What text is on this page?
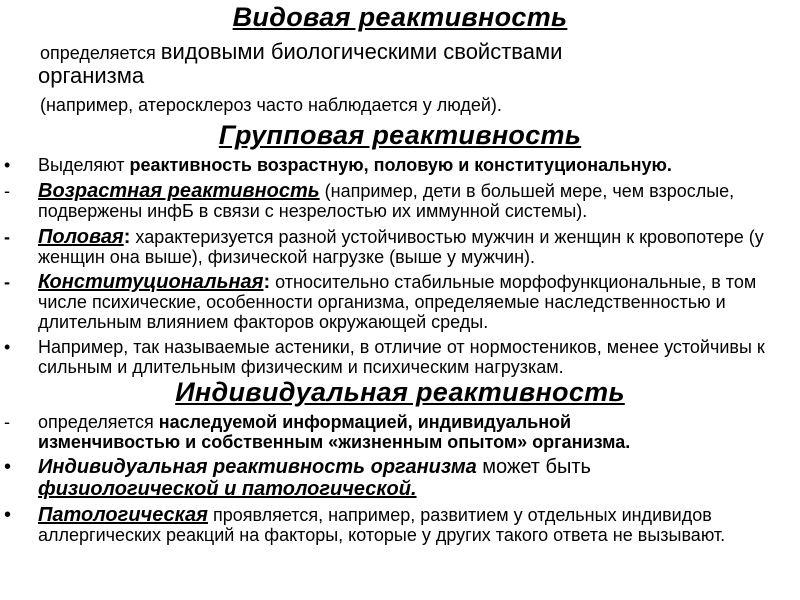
Видовая реактивность
определяется видовыми биологическими свойствами
организма
(например, атеросклероз часто наблюдается у людей).
Групповая реактивность
•	Выделяют реактивность возрастную, половую и конституциональную.
-	Возрастная реактивность (например, дети в большей мере, чем взрослые, подвержены инфБ в связи с незрелостью их иммунной системы).
-	Половая: характеризуется разной устойчивостью мужчин и женщин к кровопотере (у женщин она выше), физической нагрузке (выше у мужчин).
-	Конституциональная: относительно стабильные морфофункциональные, в том числе психические, особенности организма, определяемые наследственностью и длительным влиянием факторов окружающей среды.
•	Например, так называемые астеники, в отличие от нормостеников, менее устойчивы к сильным и длительным физическим и психическим нагрузкам.
Индивидуальная реактивность
-	определяется наследуемой информацией, индивидуальной изменчивостью и собственным «жизненным опытом» организма.
•	Индивидуальная реактивность организма может быть физиологической и патологической.
•	Патологическая проявляется, например, развитием у отдельных индивидов аллергических реакций на факторы, которые у других такого ответа не вызывают.
